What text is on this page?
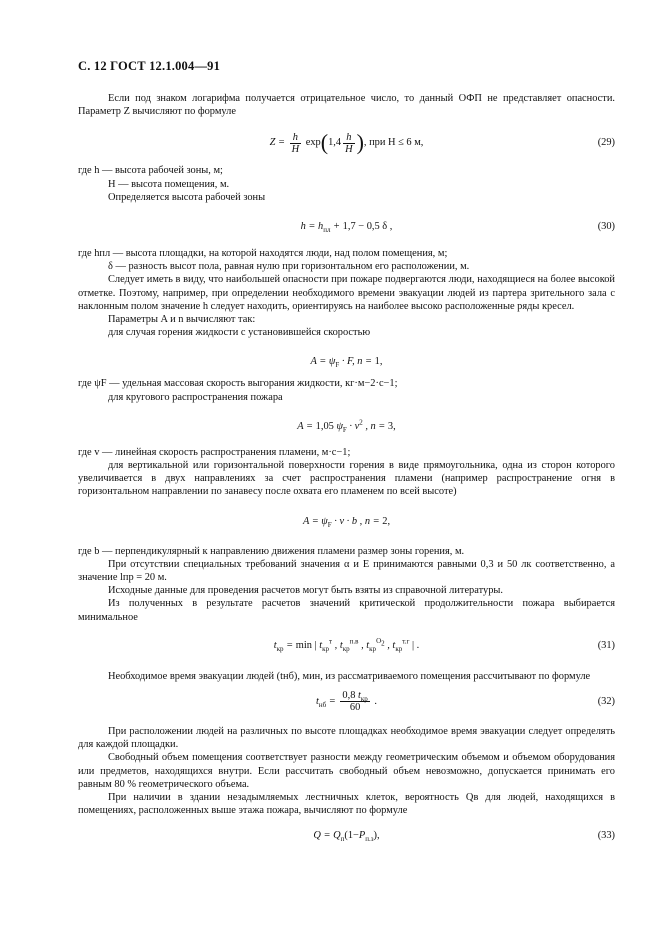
С. 12 ГОСТ 12.1.004—91

Если под знаком логарифма получается отрицательное число, то данный ОФП не представляет опасности. Параметр Z вычисляют по формуле

$Z = \frac{h}{H} \exp(1,4 \frac{h}{H}$ ), при H ≤ 6 м,	(29)

где h — высота рабочей зоны, м;

H — высота помещения, м.

Определяется высота рабочей зоны

$h = h_{пл} + 1,7 - 0,5$ δ ,	(30)

где hпл — высота площадки, на которой находятся люди, над полом помещения, м;

δ — разность высот пола, равная нулю при горизонтальном его расположении, м.

Следует иметь в виду, что наибольшей опасности при пожаре подвергаются люди, находящиеся на более высокой отметке. Поэтому, например, при определении необходимого времени эвакуации людей из партера зрительного зала с наклонным полом значение h следует находить, ориентируясь на наиболее высоко расположенные ряды кресел.

Параметры A и n вычисляют так:

для случая горения жидкости с установившейся скоростью

$A = \psi_F \cdot F$, n = 1,

где ψF — удельная массовая скорость выгорания жидкости, кг·м−2·с−1;

для кругового распространения пожара

A = 1,05 $\psi_F \cdot v^2$ , n = 3,

где v — линейная скорость распространения пламени, м·с−1;

для вертикальной или горизонтальной поверхности горения в виде прямоугольника, одна из сторон которого увеличивается в двух направлениях за счет распространения пламени (например распространение огня в горизонтальном направлении по занавесу после охвата его пламенем по всей высоте)

$A = \psi_F \cdot v \cdot b$ , n = 2,

где b — перпендикулярный к направлению движения пламени размер зоны горения, м.

При отсутствии специальных требований значения α и E принимаются равными 0,3 и 50 лк соответственно, а значение lпр = 20 м.

Исходные данные для проведения расчетов могут быть взяты из справочной литературы.

Из полученных в результате расчетов значений критической продолжительности пожара выбирается минимальное

$t_{кр} = \min$ | $t_{кр}^т$ , $t_{кр}^{п.в}$ , $t_{кр}^{O_2}$ , $t_{кр}^{т.г}$ | .	(31)

Необходимое время эвакуации людей (tнб), мин, из рассматриваемого помещения рассчитывают по формуле

$t_{нб} = \frac{0,8 t_{кр}}{60}$ .	(32)

При расположении людей на различных по высоте площадках необходимое время эвакуации следует определять для каждой площадки.

Свободный объем помещения соответствует разности между геометрическим объемом и объемом оборудования или предметов, находящихся внутри. Если рассчитать свободный объем невозможно, допускается принимать его равным 80 % геометрического объема.

При наличии в здании незадымляемых лестничных клеток, вероятность Qв для людей, находящихся в помещениях, расположенных выше этажа пожара, вычисляют по формуле

$Q = Q_п(1-P_{п.з})$,	(33)
